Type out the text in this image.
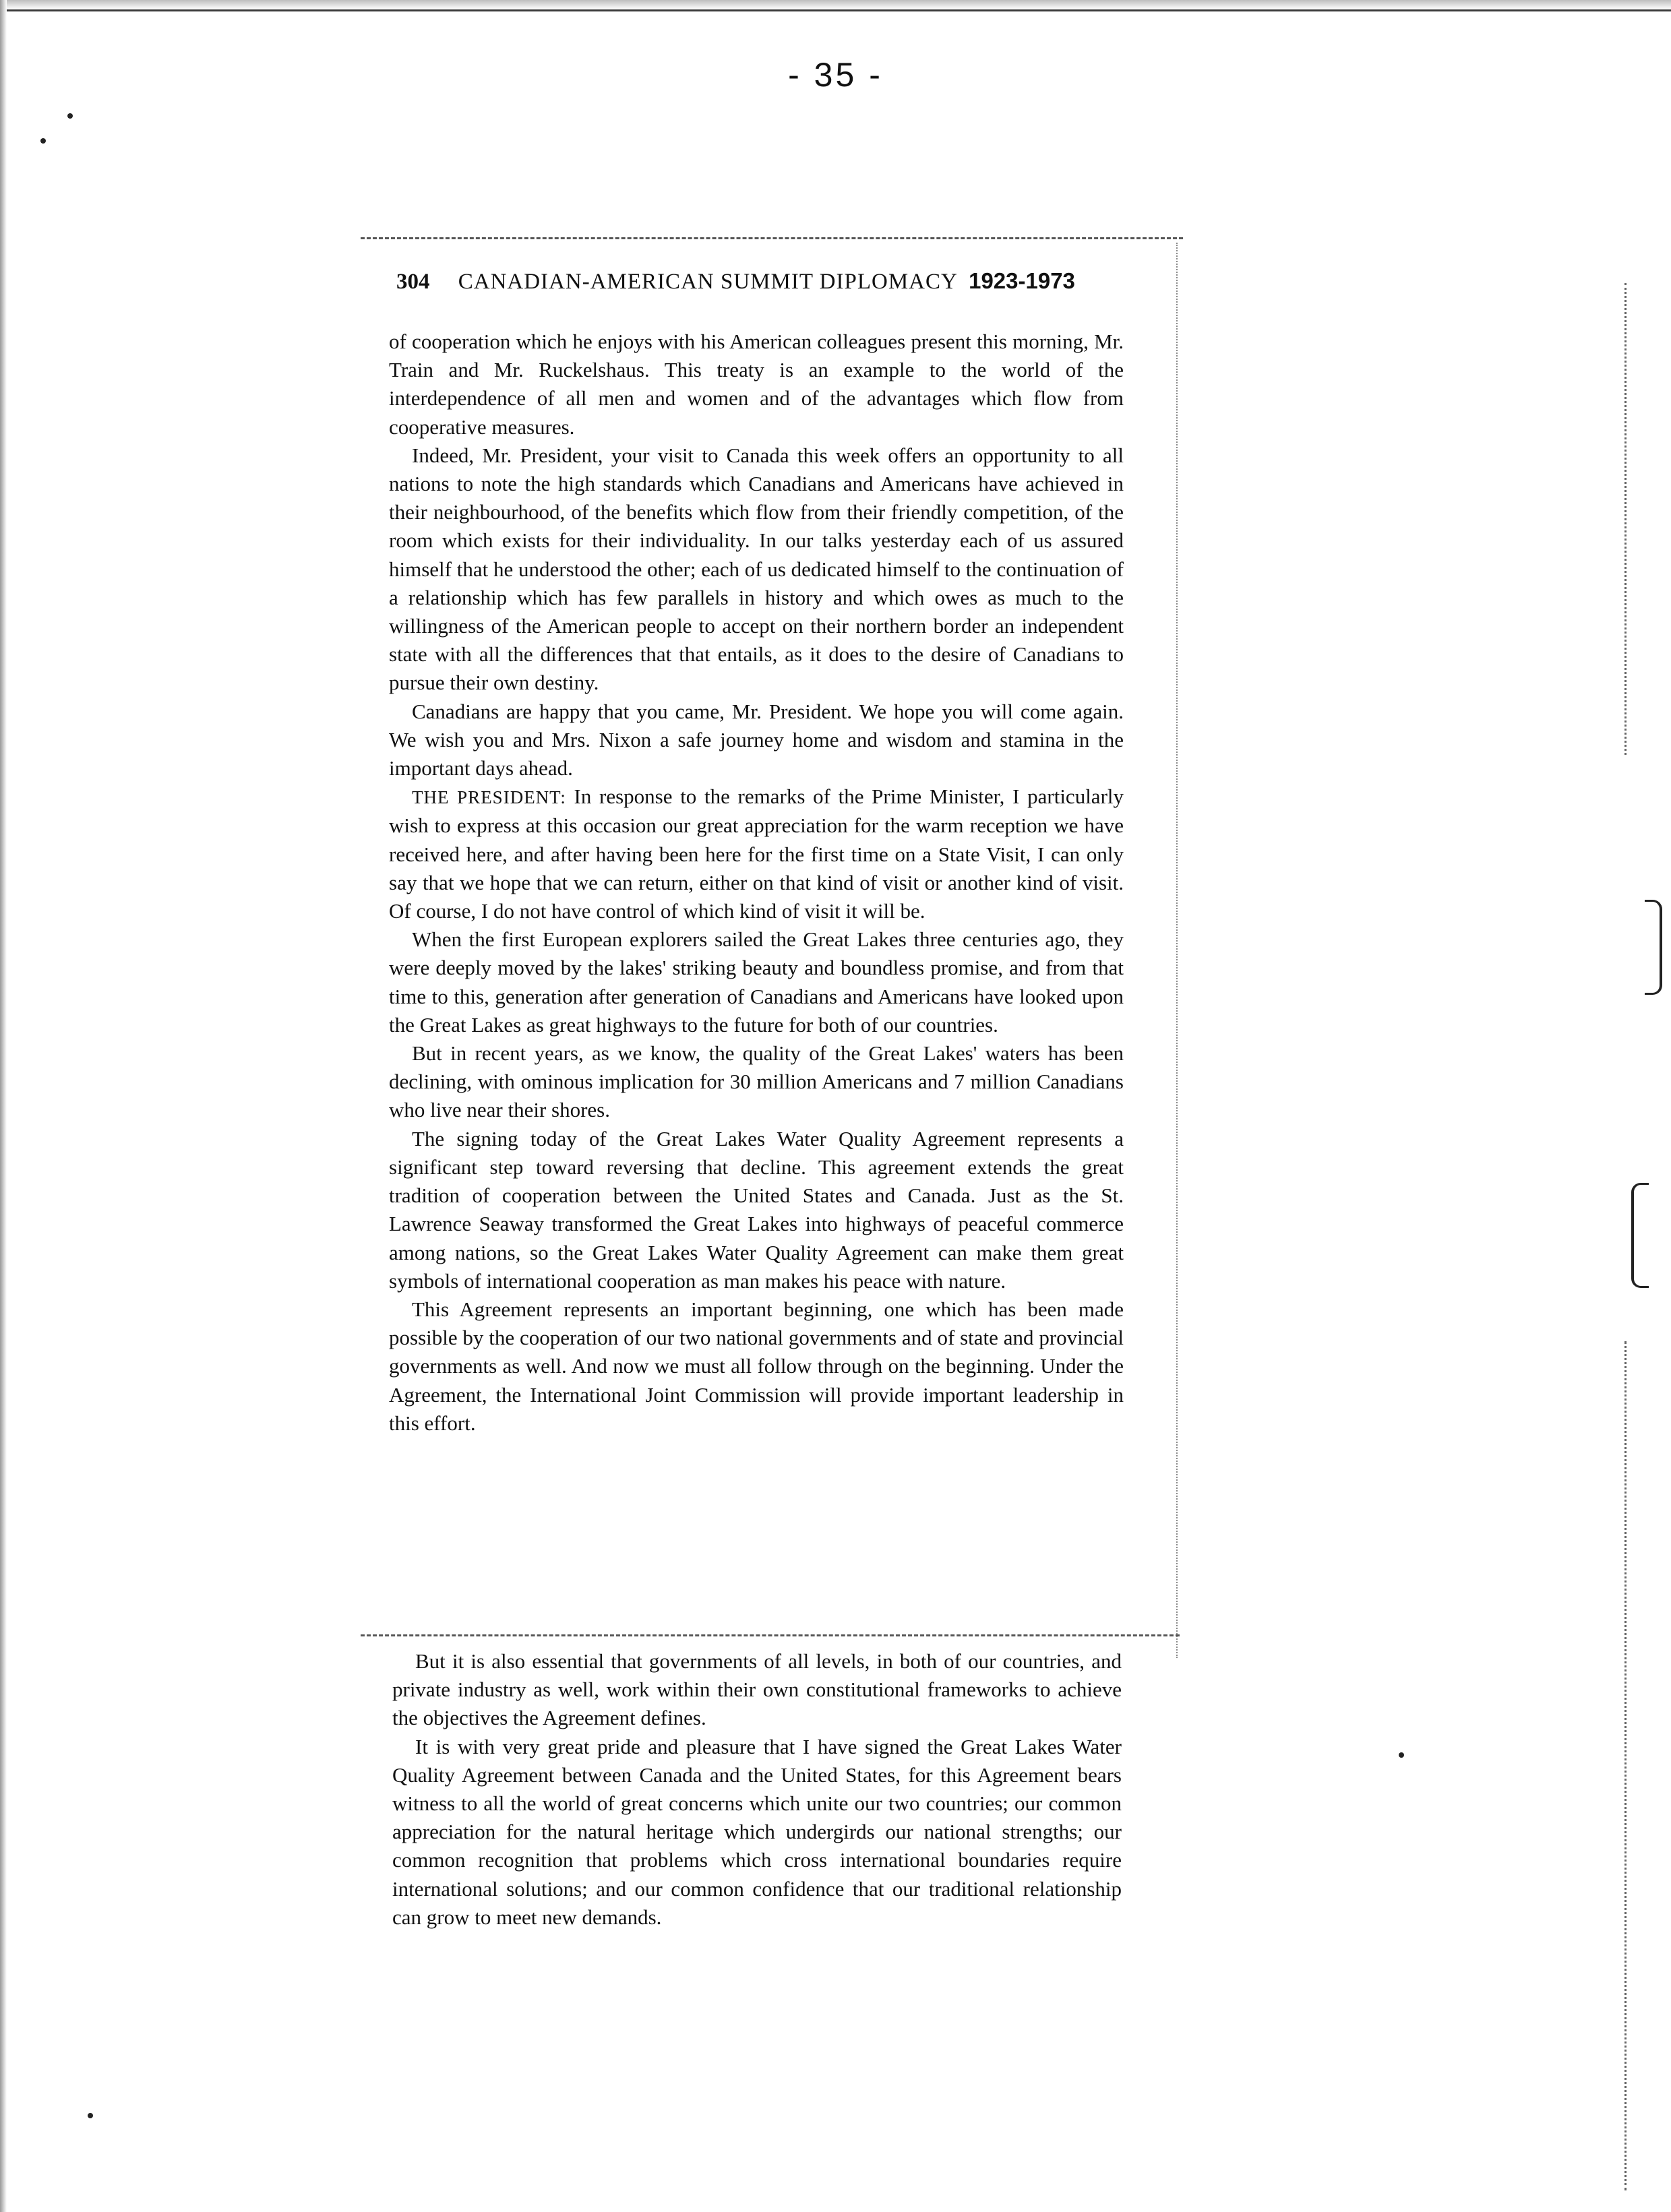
- 35 -
304 CANADIAN-AMERICAN SUMMIT DIPLOMACY 1923-1973

of cooperation which he enjoys with his American colleagues present this morning, Mr. Train and Mr. Ruckelshaus. This treaty is an example to the world of the interdependence of all men and women and of the advantages which flow from cooperative measures.

Indeed, Mr. President, your visit to Canada this week offers an opportunity to all nations to note the high standards which Canadians and Americans have achieved in their neighbourhood, of the benefits which flow from their friendly competition, of the room which exists for their individuality. In our talks yesterday each of us assured himself that he understood the other; each of us dedicated himself to the continuation of a relationship which has few parallels in history and which owes as much to the willingness of the American people to accept on their northern border an independent state with all the differences that that entails, as it does to the desire of Canadians to pursue their own destiny.

Canadians are happy that you came, Mr. President. We hope you will come again. We wish you and Mrs. Nixon a safe journey home and wisdom and stamina in the important days ahead.

THE PRESIDENT: In response to the remarks of the Prime Minister, I particularly wish to express at this occasion our great appreciation for the warm reception we have received here, and after having been here for the first time on a State Visit, I can only say that we hope that we can return, either on that kind of visit or another kind of visit. Of course, I do not have control of which kind of visit it will be.

When the first European explorers sailed the Great Lakes three centuries ago, they were deeply moved by the lakes' striking beauty and boundless promise, and from that time to this, generation after generation of Canadians and Americans have looked upon the Great Lakes as great highways to the future for both of our countries.

But in recent years, as we know, the quality of the Great Lakes' waters has been declining, with ominous implication for 30 million Americans and 7 million Canadians who live near their shores.

The signing today of the Great Lakes Water Quality Agreement represents a significant step toward reversing that decline. This agreement extends the great tradition of cooperation between the United States and Canada. Just as the St. Lawrence Seaway transformed the Great Lakes into highways of peaceful commerce among nations, so the Great Lakes Water Quality Agreement can make them great symbols of international cooperation as man makes his peace with nature.

This Agreement represents an important beginning, one which has been made possible by the cooperation of our two national governments and of state and provincial governments as well. And now we must all follow through on the beginning. Under the Agreement, the International Joint Commission will provide important leadership in this effort.

But it is also essential that governments of all levels, in both of our countries, and private industry as well, work within their own constitutional frameworks to achieve the objectives the Agreement defines.

It is with very great pride and pleasure that I have signed the Great Lakes Water Quality Agreement between Canada and the United States, for this Agreement bears witness to all the world of great concerns which unite our two countries; our common appreciation for the natural heritage which undergirds our national strengths; our common recognition that problems which cross international boundaries require international solutions; and our common confidence that our traditional relationship can grow to meet new demands.
